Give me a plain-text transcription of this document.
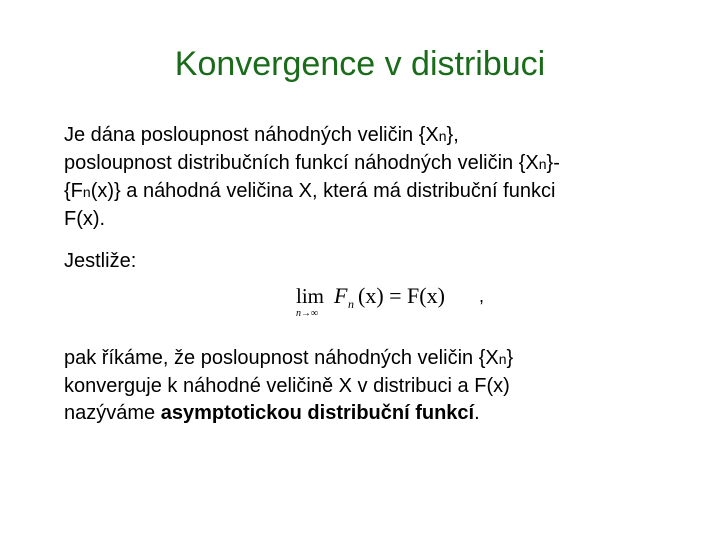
Konvergence v distribuci

Je dána posloupnost náhodných veličin {Xn},
posloupnost distribučních funkcí náhodných veličin {Xn}-
{Fn(x)} a náhodná veličina X, která má distribuční funkci
F(x).

Jestliže:

lim
n→∞
F n (x) = F(x) ,

pak říkáme, že posloupnost náhodných veličin {Xn}
konverguje k náhodné veličině X v distribuci a F(x)
nazýváme asymptotickou distribuční funkcí.
